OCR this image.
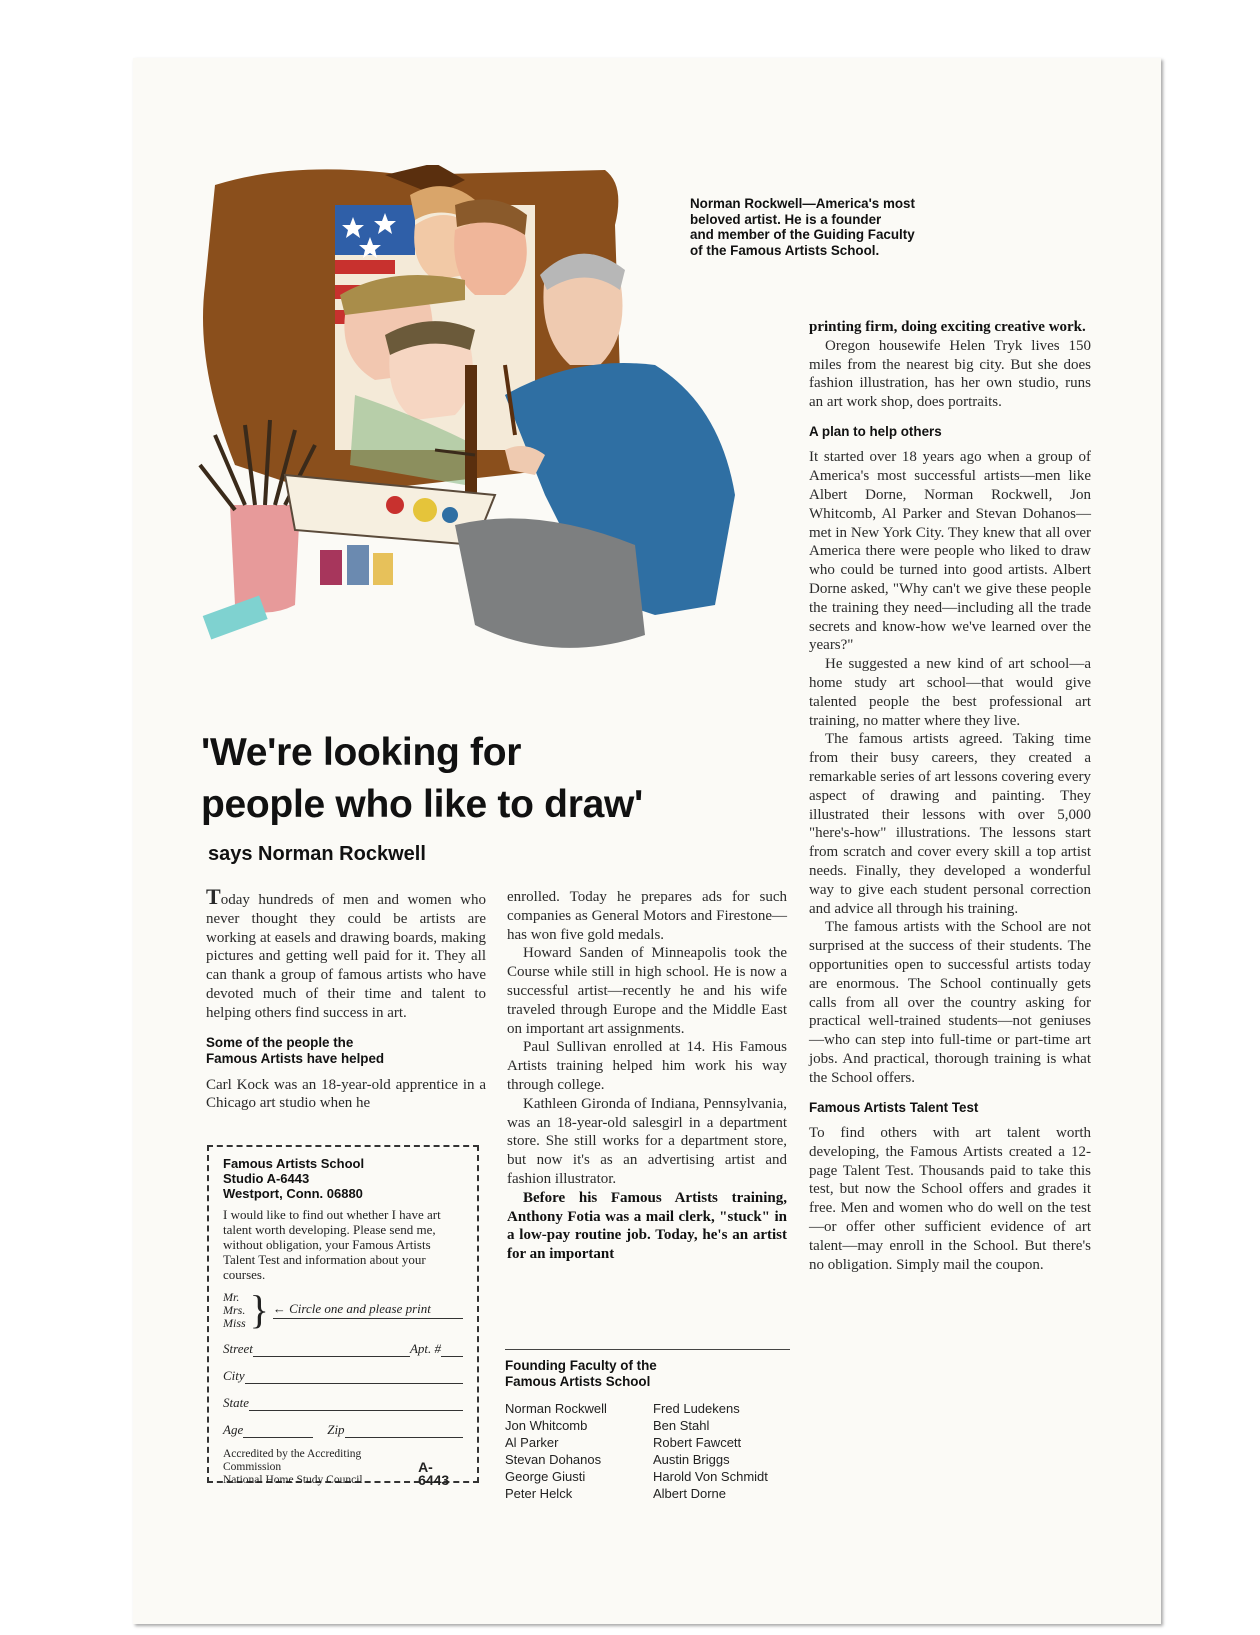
Norman Rockwell—America's most
beloved artist. He is a founder
and member of the Guiding Faculty
of the Famous Artists School.
'We're looking for
people who like to draw'
says Norman Rockwell

Today hundreds of men and women who never thought they could be artists are working at easels and drawing boards, making pictures and getting well paid for it. They all can thank a group of famous artists who have devoted much of their time and talent to helping others find success in art.

Some of the people the
Famous Artists have helped

Carl Kock was an 18-year-old apprentice in a Chicago art studio when he

Famous Artists School
Studio A-6443
Westport, Conn. 06880
I would like to find out whether I have art talent worth developing. Please send me, without obligation, your Famous Artists Talent Test and information about your courses.
Mr.
Mrs.
Miss } ← Circle one and please print
Street	Apt. #
City
State
Age	Zip
Accredited by the Accrediting Commission
National Home Study Council
A-6443

enrolled. Today he prepares ads for such companies as General Motors and Firestone—has won five gold medals.

Howard Sanden of Minneapolis took the Course while still in high school. He is now a successful artist—recently he and his wife traveled through Europe and the Middle East on important art assignments.

Paul Sullivan enrolled at 14. His Famous Artists training helped him work his way through college.

Kathleen Gironda of Indiana, Pennsylvania, was an 18-year-old salesgirl in a department store. She still works for a department store, but now it's as an advertising artist and fashion illustrator.

Before his Famous Artists training, Anthony Fotia was a mail clerk, "stuck" in a low-pay routine job. Today, he's an artist for an important

Founding Faculty of the
Famous Artists School
Norman Rockwell	Fred Ludekens
Jon Whitcomb	Ben Stahl
Al Parker	Robert Fawcett
Stevan Dohanos	Austin Briggs
George Giusti	Harold Von Schmidt
Peter Helck	Albert Dorne

printing firm, doing exciting creative work.

Oregon housewife Helen Tryk lives 150 miles from the nearest big city. But she does fashion illustration, has her own studio, runs an art work shop, does portraits.

A plan to help others

It started over 18 years ago when a group of America's most successful artists—men like Albert Dorne, Norman Rockwell, Jon Whitcomb, Al Parker and Stevan Dohanos—met in New York City. They knew that all over America there were people who liked to draw who could be turned into good artists. Albert Dorne asked, "Why can't we give these people the training they need—including all the trade secrets and know-how we've learned over the years?"

He suggested a new kind of art school—a home study art school—that would give talented people the best professional art training, no matter where they live.

The famous artists agreed. Taking time from their busy careers, they created a remarkable series of art lessons covering every aspect of drawing and painting. They illustrated their lessons with over 5,000 "here's-how" illustrations. The lessons start from scratch and cover every skill a top artist needs. Finally, they developed a wonderful way to give each student personal correction and advice all through his training.

The famous artists with the School are not surprised at the success of their students. The opportunities open to successful artists today are enormous. The School continually gets calls from all over the country asking for practical well-trained students—not geniuses—who can step into full-time or part-time art jobs. And practical, thorough training is what the School offers.

Famous Artists Talent Test

To find others with art talent worth developing, the Famous Artists created a 12-page Talent Test. Thousands paid to take this test, but now the School offers and grades it free. Men and women who do well on the test—or offer other sufficient evidence of art talent—may enroll in the School. But there's no obligation. Simply mail the coupon.
